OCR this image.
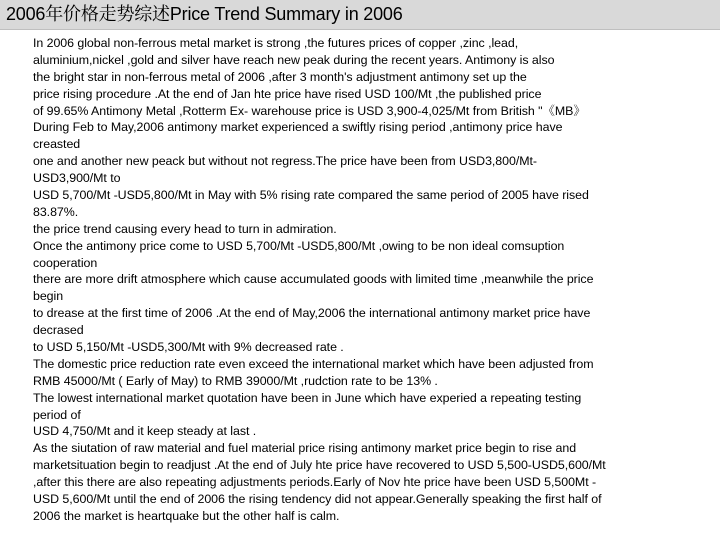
2006年价格走势综述Price Trend Summary in 2006
In 2006 global non-ferrous metal market is strong ,the futures prices of copper ,zinc ,lead,
aluminium,nickel ,gold and silver have reach new peak during the recent years. Antimony is also
the bright star in non-ferrous metal of 2006 ,after 3 month's adjustment antimony set up the
price rising procedure .At the end of Jan hte price have rised USD 100/Mt ,the published price
of 99.65% Antimony Metal ,Rotterm Ex- warehouse price is USD 3,900-4,025/Mt from British "《MB》
During Feb to May,2006 antimony market experienced a swiftly rising period ,antimony price have
creasted
one and another new peack but without not regress.The price have been from USD3,800/Mt-
USD3,900/Mt to
USD 5,700/Mt -USD5,800/Mt in May with 5% rising rate compared the same period of 2005 have rised
83.87%.
the price trend causing every head to turn in admiration.
Once the antimony price come to USD 5,700/Mt -USD5,800/Mt ,owing to be non ideal comsuption
cooperation
there are more drift atmosphere which cause accumulated goods with limited time ,meanwhile the price
begin
to drease at the first time of 2006 .At the end of May,2006 the international antimony market price have
decrased
to USD 5,150/Mt -USD5,300/Mt with 9% decreased rate .
The domestic price reduction rate even exceed the international market which have been adjusted from
RMB 45000/Mt ( Early of May) to RMB 39000/Mt ,rudction rate to be 13% .
The lowest international market quotation have been in June which have experied a repeating testing
period of
USD 4,750/Mt and it keep steady at last .
As the siutation of raw material and fuel material price rising antimony market price begin to rise and
marketsituation begin to readjust .At the end of July hte price have recovered to USD 5,500-USD5,600/Mt
,after this there are also repeating adjustments periods.Early of Nov hte price have been USD 5,500Mt -
USD 5,600/Mt until the end of 2006 the rising tendency did not appear.Generally speaking the first half of
2006 the market is heartquake but the other half is calm.
